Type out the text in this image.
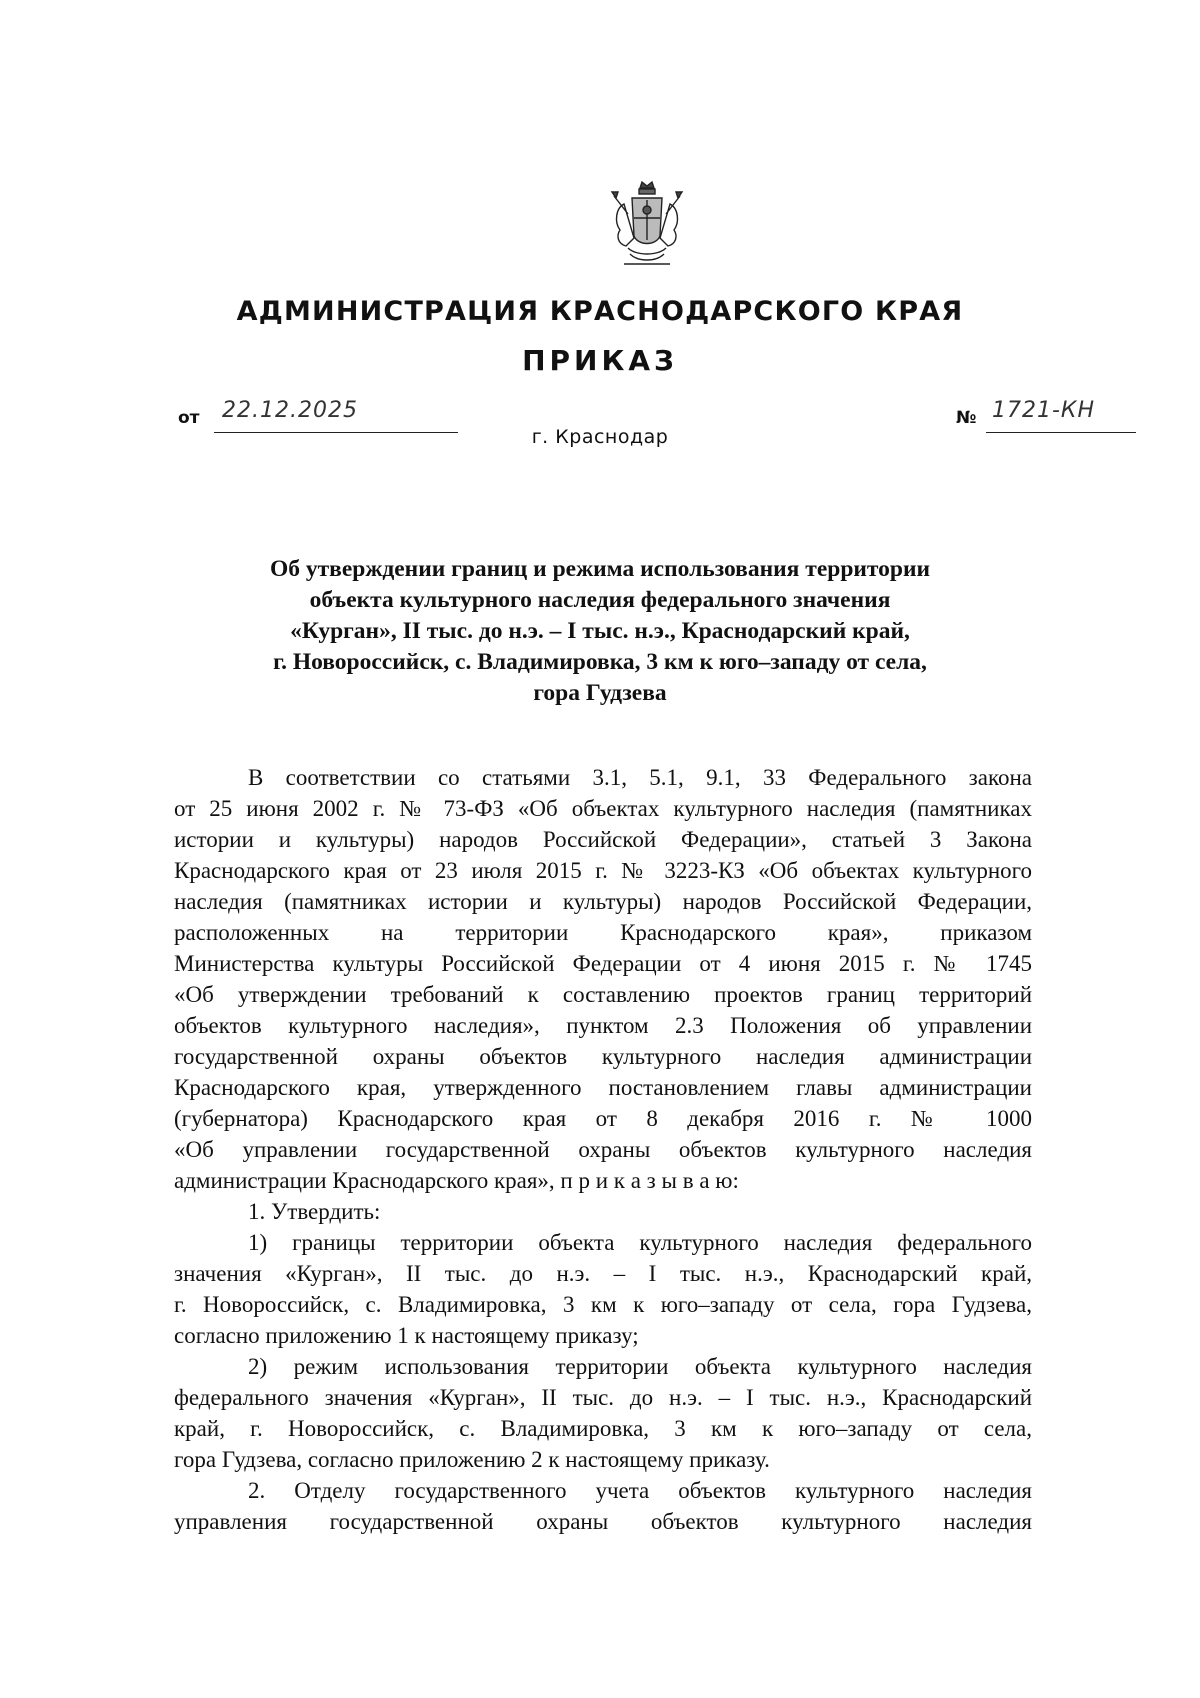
АДМИНИСТРАЦИЯ КРАСНОДАРСКОГО КРАЯ
ПРИКАЗ
от 22.12.2025	№ 1721-КН
г. Краснодар
Об утверждении границ и режима использования территории
объекта культурного наследия федерального значения
«Курган», II тыс. до н.э. – I тыс. н.э., Краснодарский край,
г. Новороссийск, с. Владимировка, 3 км к юго–западу от села,
гора Гудзева

В соответствии со статьями 3.1, 5.1, 9.1, 33 Федерального закона

от 25 июня 2002 г. № 73-ФЗ «Об объектах культурного наследия (памятниках

истории и культуры) народов Российской Федерации», статьей 3 Закона

Краснодарского края от 23 июля 2015 г. № 3223-КЗ «Об объектах культурного

наследия (памятниках истории и культуры) народов Российской Федерации,

расположенных на территории Краснодарского края», приказом

Министерства культуры Российской Федерации от 4 июня 2015 г. № 1745

«Об утверждении требований к составлению проектов границ территорий

объектов культурного наследия», пунктом 2.3 Положения об управлении

государственной охраны объектов культурного наследия администрации

Краснодарского края, утвержденного постановлением главы администрации

(губернатора) Краснодарского края от 8 декабря 2016 г. № 1000

«Об управлении государственной охраны объектов культурного наследия

администрации Краснодарского края», п р и к а з ы в а ю:

1. Утвердить:

1) границы территории объекта культурного наследия федерального

значения «Курган», II тыс. до н.э. – I тыс. н.э., Краснодарский край,

г. Новороссийск, с. Владимировка, 3 км к юго–западу от села, гора Гудзева,

согласно приложению 1 к настоящему приказу;

2) режим использования территории объекта культурного наследия

федерального значения «Курган», II тыс. до н.э. – I тыс. н.э., Краснодарский

край, г. Новороссийск, с. Владимировка, 3 км к юго–западу от села,

гора Гудзева, согласно приложению 2 к настоящему приказу.

2. Отделу государственного учета объектов культурного наследия

управления государственной охраны объектов культурного наследия
